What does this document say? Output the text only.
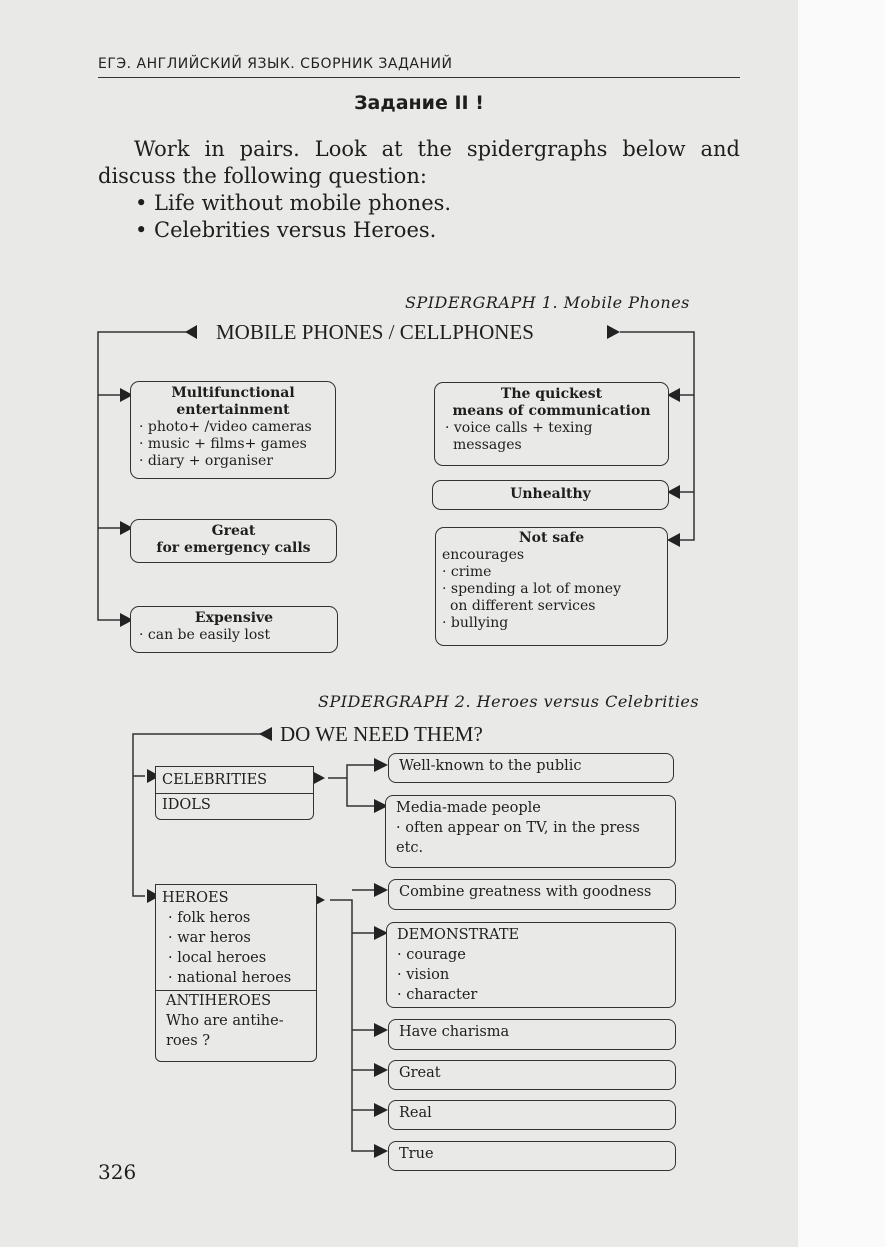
ЕГЭ. АНГЛИЙСКИЙ ЯЗЫК. СБОРНИК ЗАДАНИЙ
Задание II !
Work in pairs. Look at the spidergraphs below and discuss the following question:
• Life without mobile phones.
• Celebrities versus Heroes.
SPIDERGRAPH 1. Mobile Phones
MOBILE PHONES / CELLPHONES
Multifunctional
entertainment
· photo+ /video cameras
· music + films+ games
· diary + organiser
Great
for emergency calls
Expensive
· can be easily lost
The quickest
means of communication
· voice calls + texing
messages
Unhealthy
Not safe
encourages
· crime
· spending a lot of money
on different services
· bullying
SPIDERGRAPH 2. Heroes versus Celebrities
DO WE NEED THEM?
CELEBRITIES
IDOLS
HEROES
· folk heros
· war heros
· local heroes
· national heroes
ANTIHEROES
Who are antihe-
roes ?
Well-known to the public
Media-made people
· often appear on TV, in the press
etc.
Combine greatness with goodness
DEMONSTRATE
· courage
· vision
· character
Have charisma
Great
Real
True
326
